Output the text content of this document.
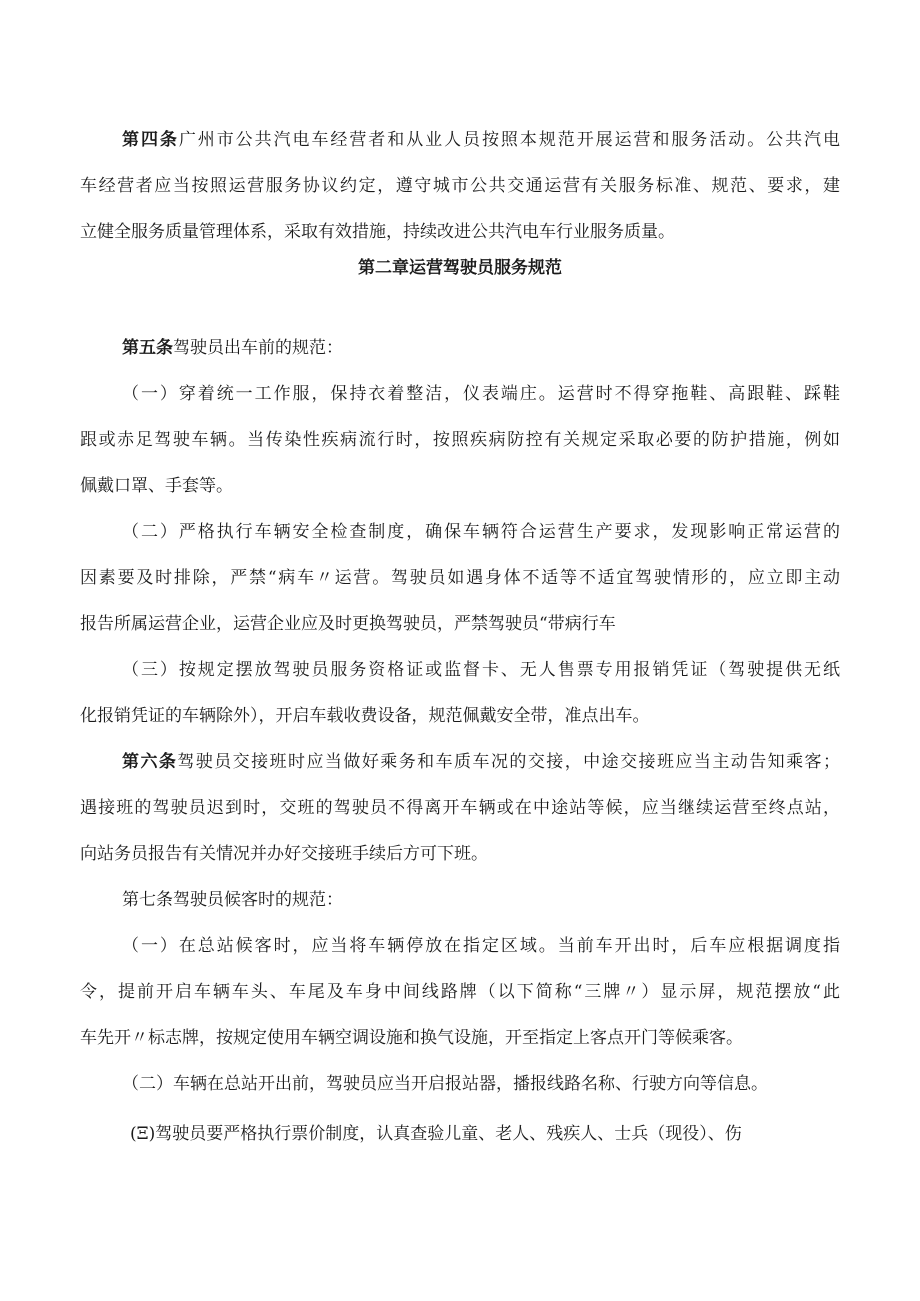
第四条广州市公共汽电车经营者和从业人员按照本规范开展运营和服务活动。公共汽电
车经营者应当按照运营服务协议约定，遵守城市公共交通运营有关服务标准、规范、要求，建
立健全服务质量管理体系，采取有效措施，持续改进公共汽电车行业服务质量。
第二章运营驾驶员服务规范
第五条驾驶员出车前的规范：
（一）穿着统一工作服，保持衣着整洁，仪表端庄。运营时不得穿拖鞋、高跟鞋、踩鞋
跟或赤足驾驶车辆。当传染性疾病流行时，按照疾病防控有关规定采取必要的防护措施，例如
佩戴口罩、手套等。
（二）严格执行车辆安全检查制度，确保车辆符合运营生产要求，发现影响正常运营的
因素要及时排除，严禁“病车〃运营。驾驶员如遇身体不适等不适宜驾驶情形的，应立即主动
报告所属运营企业，运营企业应及时更换驾驶员，严禁驾驶员“带病行车
（三）按规定摆放驾驶员服务资格证或监督卡、无人售票专用报销凭证（驾驶提供无纸
化报销凭证的车辆除外），开启车载收费设备，规范佩戴安全带，准点出车。
第六条驾驶员交接班时应当做好乘务和车质车况的交接，中途交接班应当主动告知乘客；
遇接班的驾驶员迟到时，交班的驾驶员不得离开车辆或在中途站等候，应当继续运营至终点站，
向站务员报告有关情况并办好交接班手续后方可下班。
第七条驾驶员候客时的规范：
（一）在总站候客时，应当将车辆停放在指定区域。当前车开出时，后车应根据调度指
令，提前开启车辆车头、车尾及车身中间线路牌（以下简称“三牌〃）显示屏，规范摆放“此
车先开〃标志牌，按规定使用车辆空调设施和换气设施，开至指定上客点开门等候乘客。
（二）车辆在总站开出前，驾驶员应当开启报站器，播报线路名称、行驶方向等信息。
(Ξ)驾驶员要严格执行票价制度，认真查验儿童、老人、残疾人、士兵（现役）、伤
